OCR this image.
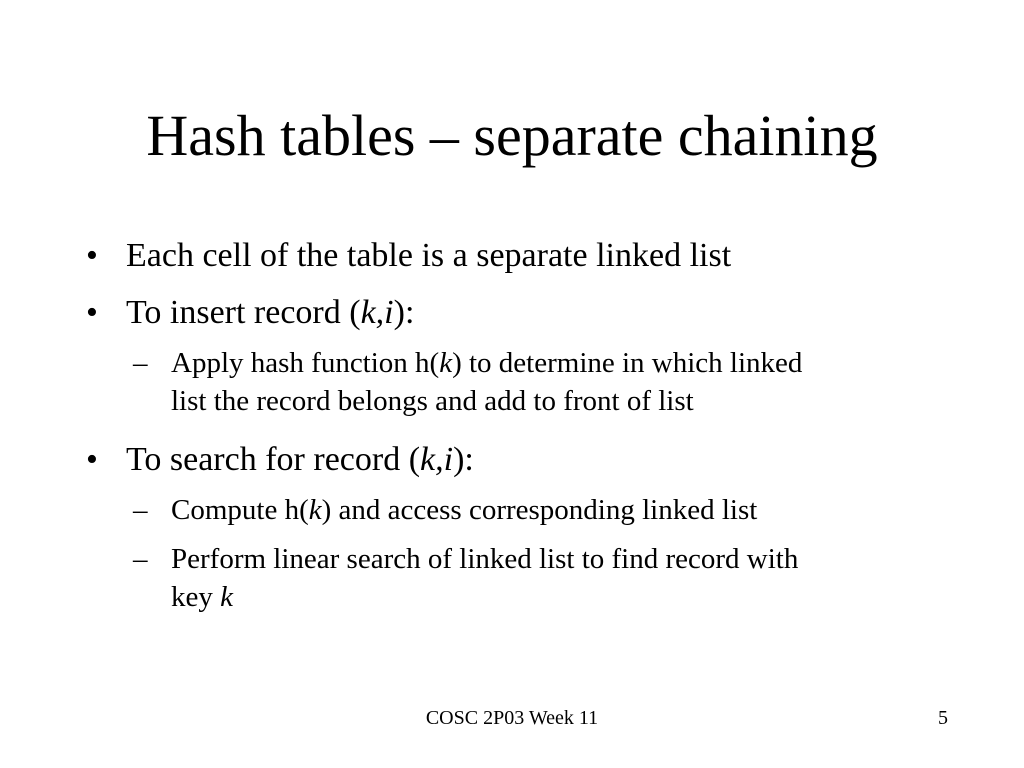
Hash tables – separate chaining
• Each cell of the table is a separate linked list
• To insert record (k,i):
– Apply hash function h(k) to determine in which linked
list the record belongs and add to front of list
• To search for record (k,i):
– Compute h(k) and access corresponding linked list
– Perform linear search of linked list to find record with
key k
COSC 2P03 Week 11	5
